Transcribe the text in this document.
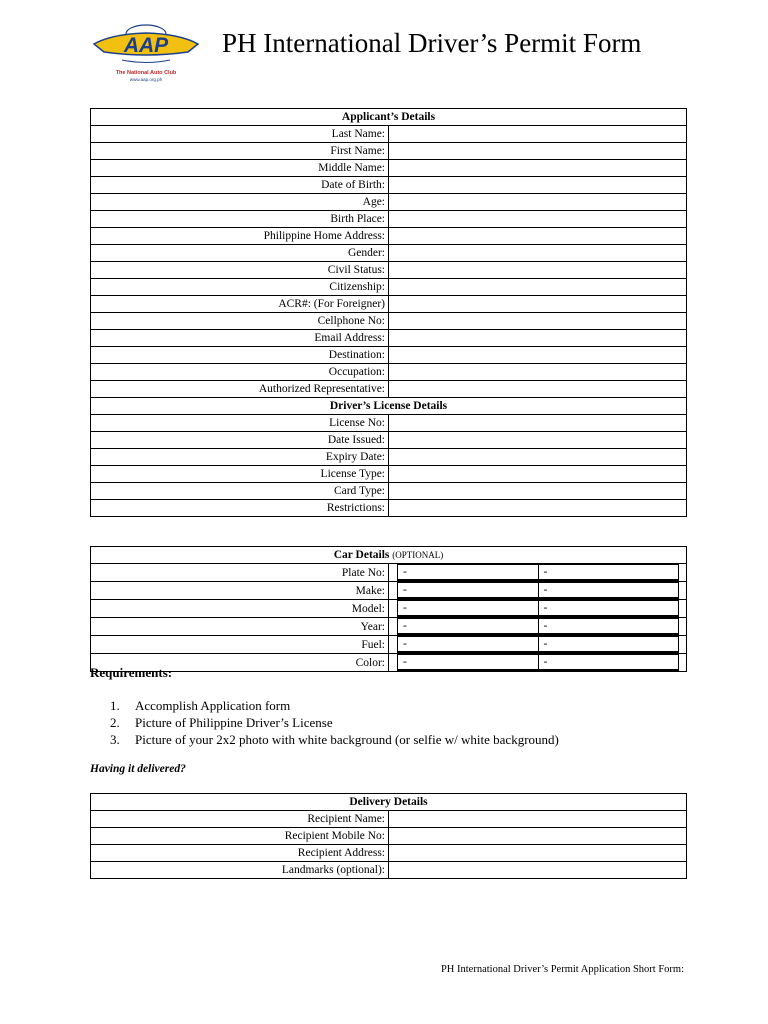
AAP
The National Auto Club
www.aap.org.ph
PH International Driver’s Permit Form
Applicant’s Details	
Last Name:	
First Name:	
Middle Name:	
Date of Birth:	
Age:	
Birth Place:	
Philippine Home Address:	
Gender:	
Civil Status:	
Citizenship:	
ACR#: (For Foreigner)	
Cellphone No:	
Email Address:	
Destination:	
Occupation:	
Authorized Representative:	
Driver’s License Details	
License No:	
Date Issued:	
Expiry Date:	
License Type:	
Card Type:	
Restrictions:	
Car Details (OPTIONAL)
Plate No:	-	-

Make:	-	-

Model:	-	-

Year:	-	-

Fuel:	-	-

Color:	-	-
Requirements:
1. Accomplish Application form
2. Picture of Philippine Driver’s License
3. Picture of your 2x2 photo with white background (or selfie w/ white background)
Having it delivered?
Delivery Details	
Recipient Name:	
Recipient Mobile No:	
Recipient Address:	
Landmarks (optional):	
PH International Driver’s Permit Application Short Form:
